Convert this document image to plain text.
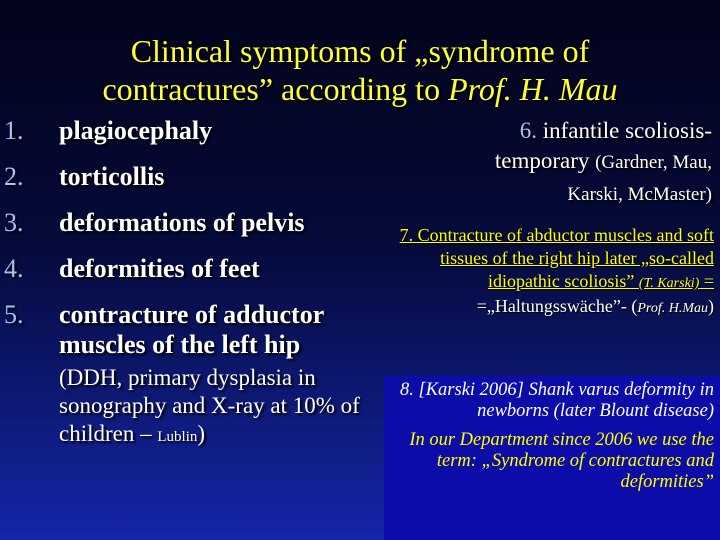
Clinical symptoms of „syndrome of
contractures” according to Prof. H. Mau
1. plagiocephaly
2. torticollis
3. deformations of pelvis
4. deformities of feet
5. contracture of adductor muscles of the left hip
(DDH, primary dysplasia in sonography and X-ray at 10% of children – Lublin)
6. infantile scoliosis-
temporary (Gardner, Mau,
Karski, McMaster)
7. Contracture of abductor muscles and soft tissues of the right hip later „so-called idiopathic scoliosis” (T. Karski) =
=„Haltungsswäche”- (Prof. H.Mau)
8. [Karski 2006] Shank varus deformity in newborns (later Blount disease)
In our Department since 2006 we use the term: „Syndrome of contractures and deformities”
